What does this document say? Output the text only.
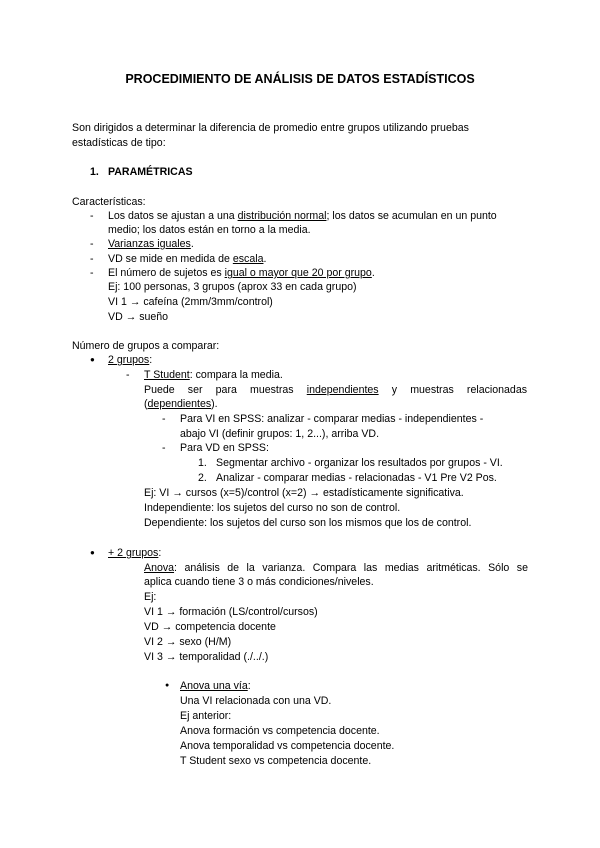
PROCEDIMIENTO DE ANÁLISIS DE DATOS ESTADÍSTICOS
Son dirigidos a determinar la diferencia de promedio entre grupos utilizando pruebas
estadísticas de tipo:
1. PARAMÉTRICAS
Características:
- Los datos se ajustan a una distribución normal; los datos se acumulan en un punto
medio; los datos están en torno a la media.
- Varianzas iguales.
- VD se mide en medida de escala.
- El número de sujetos es igual o mayor que 20 por grupo.
Ej: 100 personas, 3 grupos (aprox 33 en cada grupo)
VI 1 → cafeína (2mm/3mm/control)
VD → sueño
Número de grupos a comparar:
● 2 grupos:
- T Student: compara la media.
Puede ser para muestras independientes y muestras relacionadas
(dependientes).
- Para VI en SPSS: analizar - comparar medias - independientes -
abajo VI (definir grupos: 1, 2...), arriba VD.
- Para VD en SPSS:
1. Segmentar archivo - organizar los resultados por grupos - VI.
2. Analizar - comparar medias - relacionadas - V1 Pre V2 Pos.
Ej: VI → cursos (x=5)/control (x=2) → estadísticamente significativa.
Independiente: los sujetos del curso no son de control.
Dependiente: los sujetos del curso son los mismos que los de control.
● + 2 grupos:
Anova: análisis de la varianza. Compara las medias aritméticas. Sólo se
aplica cuando tiene 3 o más condiciones/niveles.
Ej:
VI 1 → formación (LS/control/cursos)
VD → competencia docente
VI 2 → sexo (H/M)
VI 3 → temporalidad (./../.)
● Anova una vía:
Una VI relacionada con una VD.
Ej anterior:
Anova formación vs competencia docente.
Anova temporalidad vs competencia docente.
T Student sexo vs competencia docente.
